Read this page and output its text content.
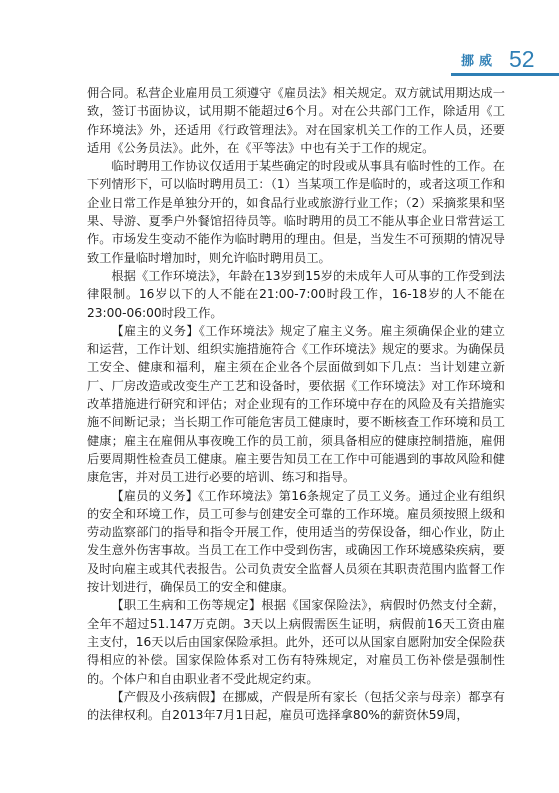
挪威 52

佣合同。私营企业雇用员工须遵守《雇员法》相关规定。双方就试用期达成一致，签订书面协议，试用期不能超过6个月。对在公共部门工作，除适用《工作环境法》外，还适用《行政管理法》。对在国家机关工作的工作人员，还要适用《公务员法》。此外，在《平等法》中也有关于工作的规定。

临时聘用工作协议仅适用于某些确定的时段或从事具有临时性的工作。在下列情形下，可以临时聘用员工：（1）当某项工作是临时的，或者这项工作和企业日常工作是单独分开的，如食品行业或旅游行业工作；（2）采摘浆果和坚果、导游、夏季户外餐馆招待员等。临时聘用的员工不能从事企业日常营运工作。市场发生变动不能作为临时聘用的理由。但是，当发生不可预期的情况导致工作量临时增加时，则允许临时聘用员工。

根据《工作环境法》，年龄在13岁到15岁的未成年人可从事的工作受到法律限制。16岁以下的人不能在21:00-7:00时段工作，16-18岁的人不能在23:00-06:00时段工作。

【雇主的义务】《工作环境法》规定了雇主义务。雇主须确保企业的建立和运营，工作计划、组织实施措施符合《工作环境法》规定的要求。为确保员工安全、健康和福利，雇主须在企业各个层面做到如下几点：当计划建立新厂、厂房改造或改变生产工艺和设备时，要依据《工作环境法》对工作环境和改革措施进行研究和评估；对企业现有的工作环境中存在的风险及有关措施实施不间断记录；当长期工作可能危害员工健康时，要不断核查工作环境和员工健康；雇主在雇佣从事夜晚工作的员工前，须具备相应的健康控制措施，雇佣后要周期性检查员工健康。雇主要告知员工在工作中可能遇到的事故风险和健康危害，并对员工进行必要的培训、练习和指导。

【雇员的义务】《工作环境法》第16条规定了员工义务。通过企业有组织的安全和环境工作，员工可参与创建安全可靠的工作环境。雇员须按照上级和劳动监察部门的指导和指令开展工作，使用适当的劳保设备，细心作业，防止发生意外伤害事故。当员工在工作中受到伤害，或确因工作环境感染疾病，要及时向雇主或其代表报告。公司负责安全监督人员须在其职责范围内监督工作按计划进行，确保员工的安全和健康。

【职工生病和工伤等规定】根据《国家保险法》，病假时仍然支付全薪，全年不超过51.147万克朗。3天以上病假需医生证明，病假前16天工资由雇主支付，16天以后由国家保险承担。此外，还可以从国家自愿附加安全保险获得相应的补偿。国家保险体系对工伤有特殊规定，对雇员工伤补偿是强制性的。个体户和自由职业者不受此规定约束。

【产假及小孩病假】在挪威，产假是所有家长（包括父亲与母亲）都享有的法律权利。自2013年7月1日起，雇员可选择拿80%的薪资休59周，
